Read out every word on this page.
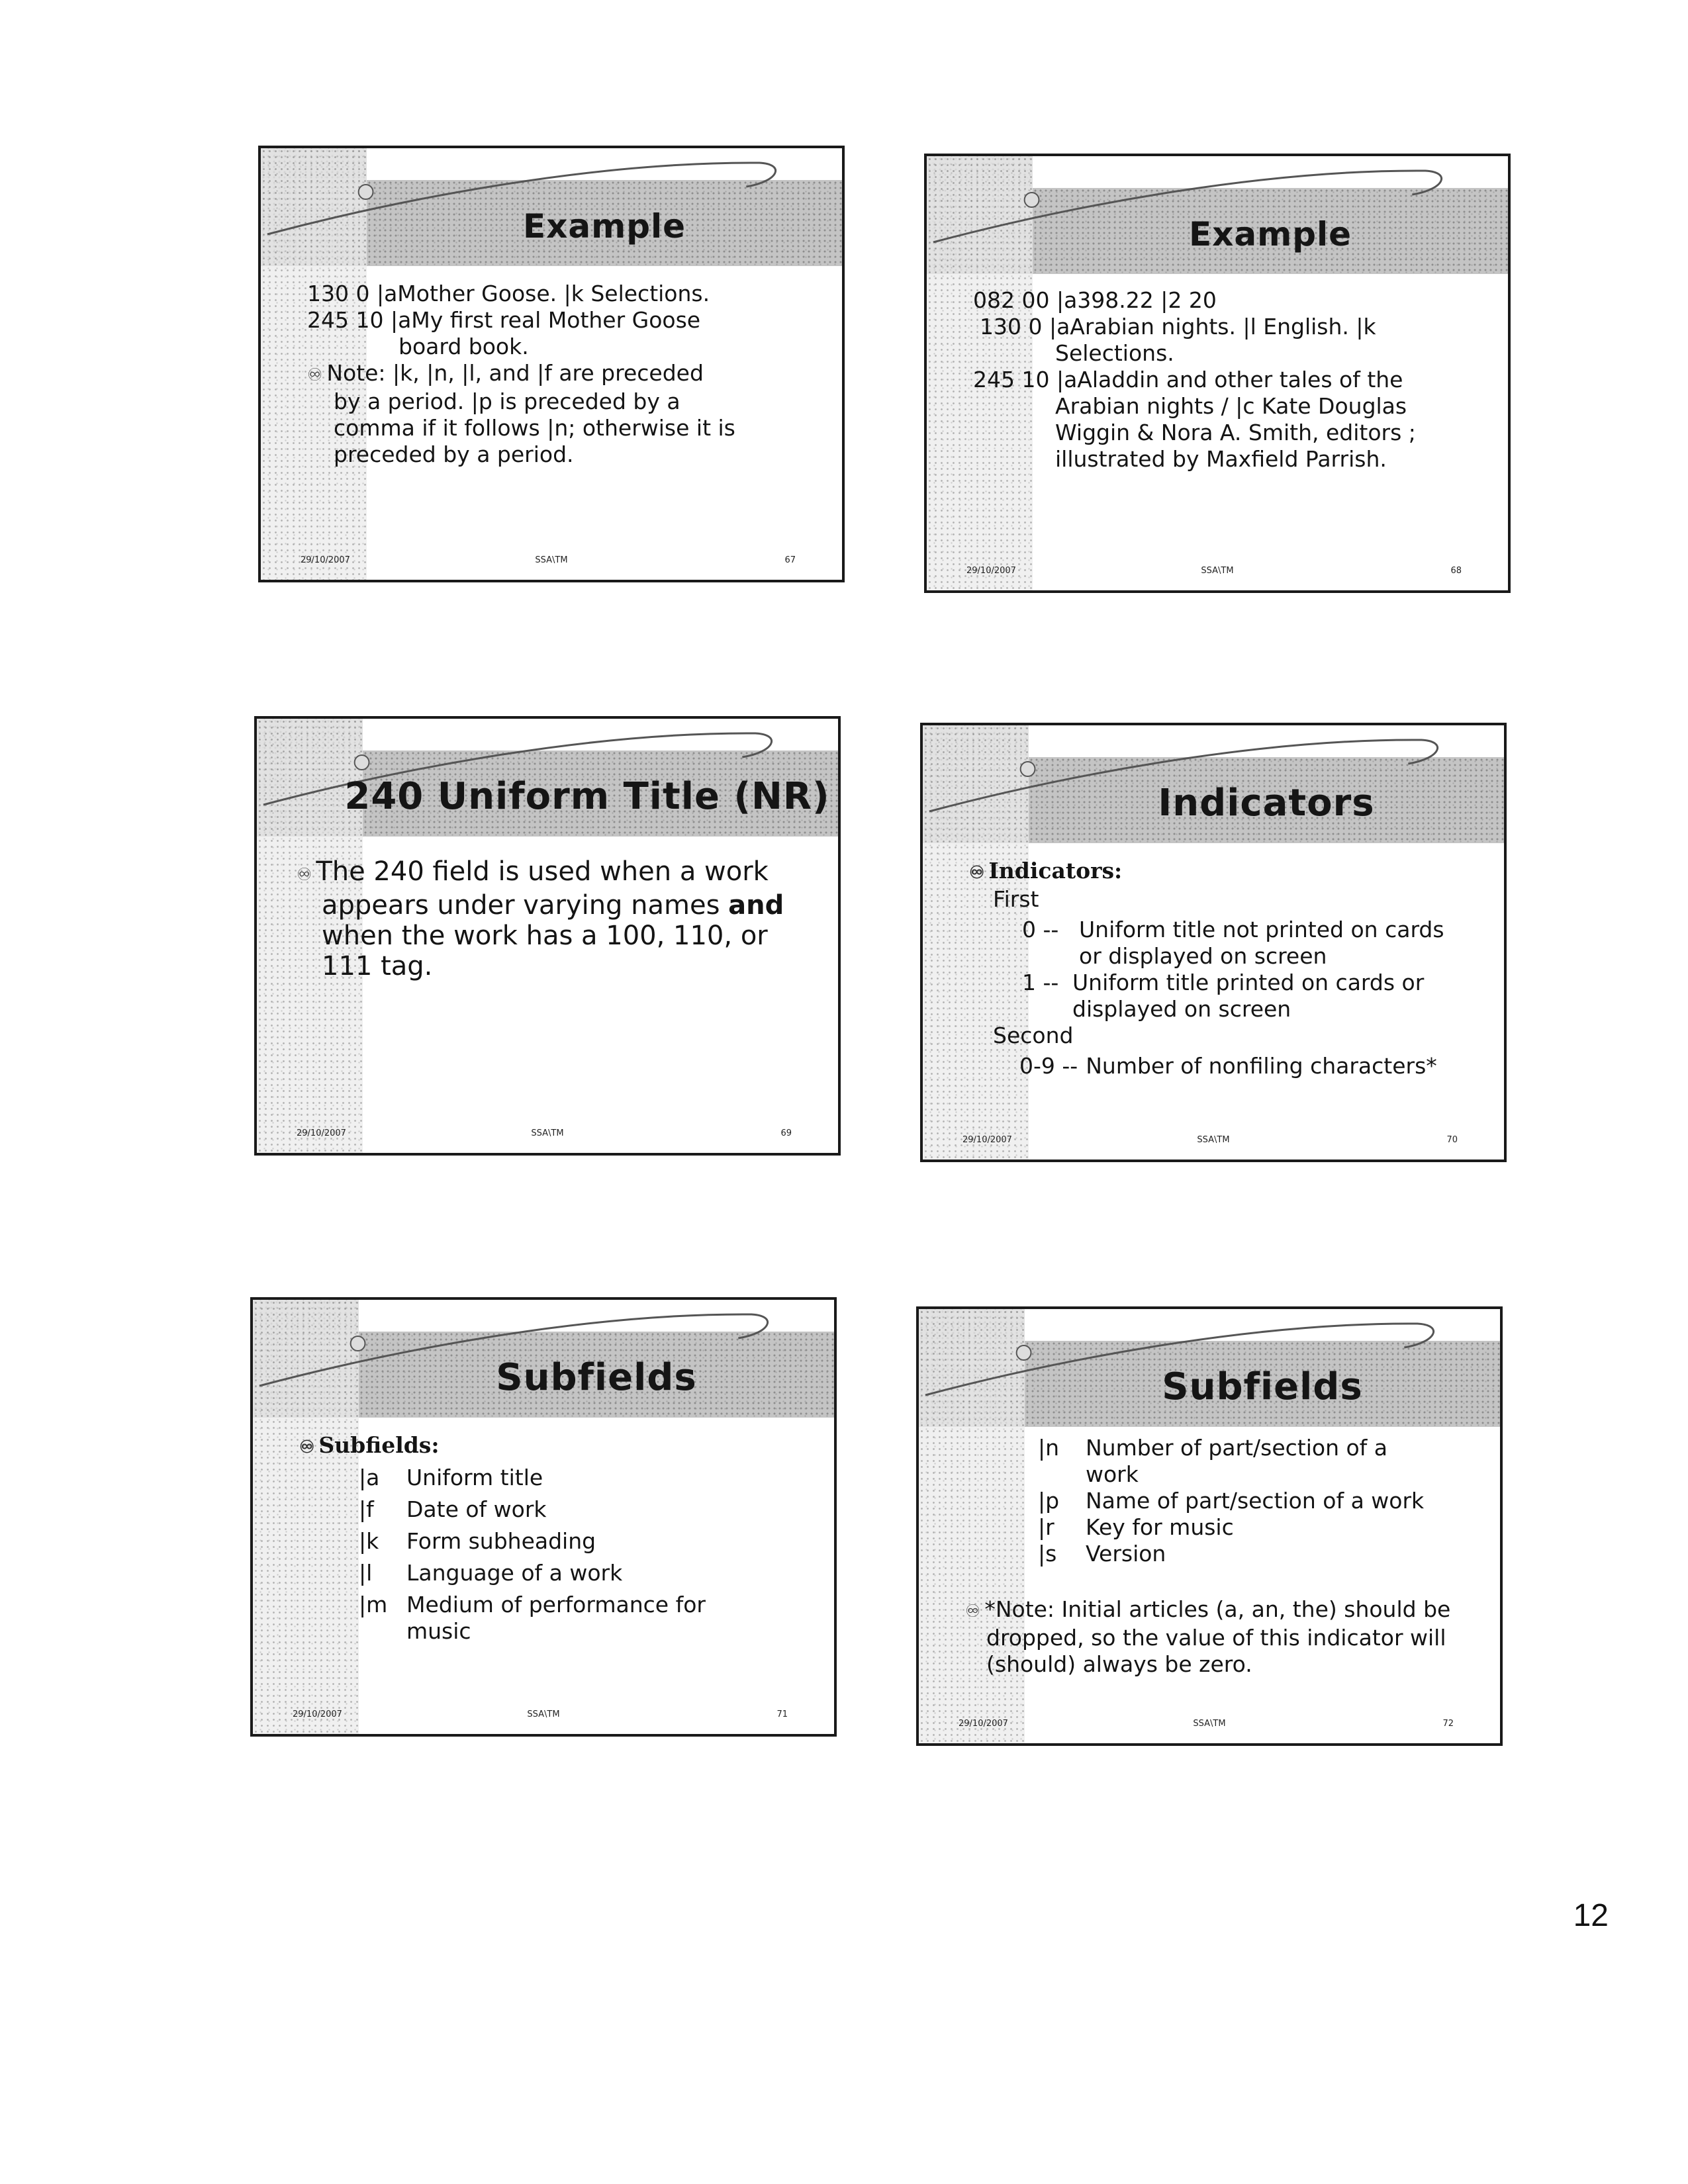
Example
130 0 |aMother Goose. |k Selections.
245 10 |aMy first real Mother Goose
board book.
♾ Note: |k, |n, |l, and |f are preceded
by a period. |p is preceded by a
comma if it follows |n; otherwise it is
preceded by a period.
29/10/2007	SSA\TM	67
Example
082 00 |a398.22 |2 20
130 0 |aArabian nights. |l English. |k
Selections.
245 10 |aAladdin and other tales of the
Arabian nights / |c Kate Douglas
Wiggin & Nora A. Smith, editors ;
illustrated by Maxfield Parrish.
29/10/2007	SSA\TM	68
240 Uniform Title (NR)
♾ The 240 field is used when a work appears under varying names and when the work has a 100, 110, or 111 tag.
29/10/2007	SSA\TM	69
Indicators
♾ Indicators:
First
0 -- Uniform title not printed on cards or displayed on screen
1 -- Uniform title printed on cards or displayed on screen
Second
0-9 -- Number of nonfiling characters*
29/10/2007	SSA\TM	70
Subfields
♾ Subfields:
|a	Uniform title
|f	Date of work
|k	Form subheading
|l	Language of a work
|m Medium of performance for music
29/10/2007	SSA\TM	71
Subfields
|n	Number of part/section of a work
|p	Name of part/section of a work
|r	Key for music
|s	Version
♾ *Note: Initial articles (a, an, the) should be dropped, so the value of this indicator will (should) always be zero.
29/10/2007	SSA\TM	72
12
